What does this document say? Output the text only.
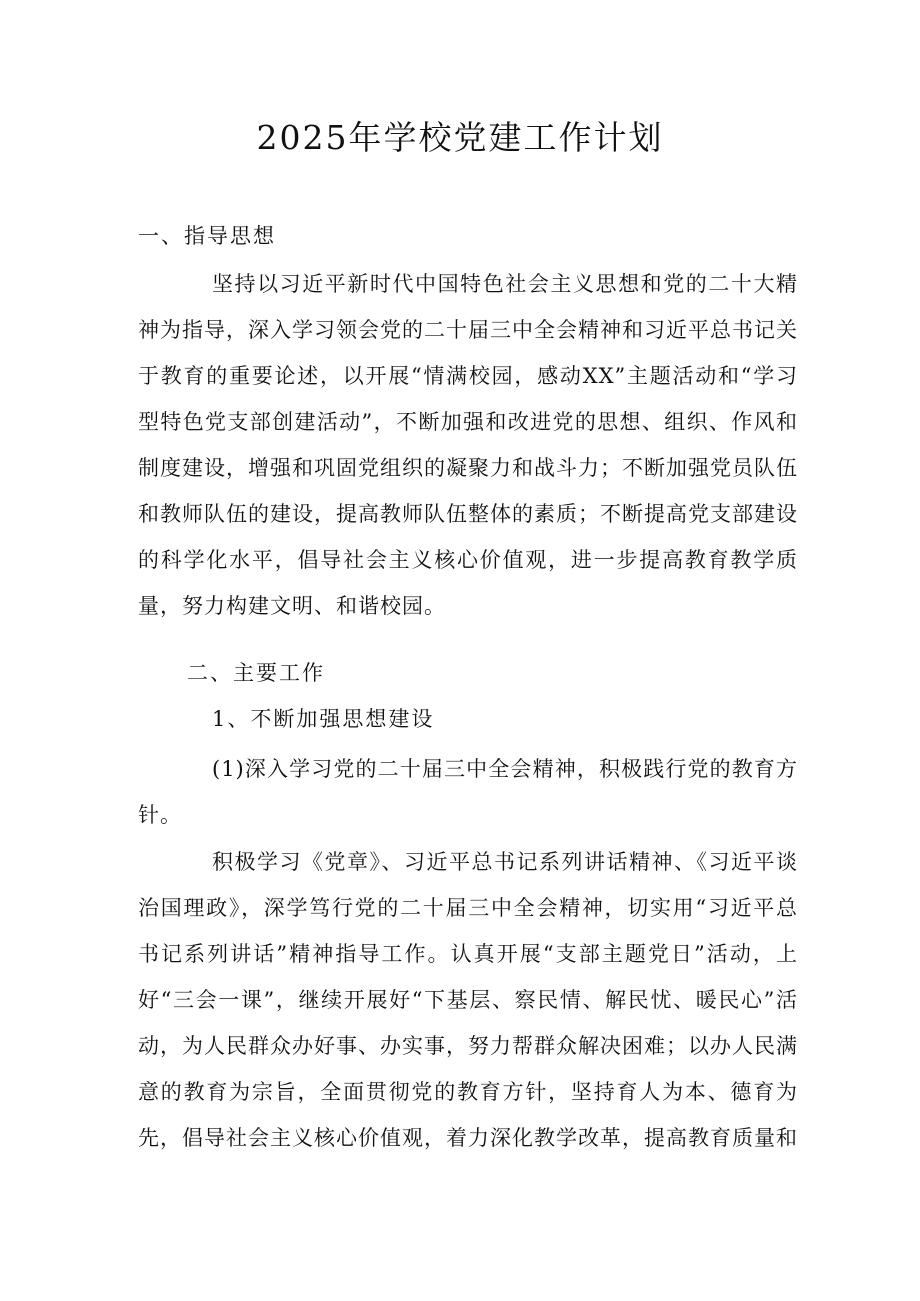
2025年学校党建工作计划
一、指导思想

坚持以习近平新时代中国特色社会主义思想和党的二十大精神为指导，深入学习领会党的二十届三中全会精神和习近平总书记关于教育的重要论述，以开展“情满校园，感动XX”主题活动和“学习型特色党支部创建活动”，不断加强和改进党的思想、组织、作风和制度建设，增强和巩固党组织的凝聚力和战斗力；不断加强党员队伍和教师队伍的建设，提高教师队伍整体的素质；不断提高党支部建设的科学化水平，倡导社会主义核心价值观，进一步提高教育教学质量，努力构建文明、和谐校园。

二、主要工作
1、不断加强思想建设

(1)深入学习党的二十届三中全会精神，积极践行党的教育方针。

积极学习《党章》、习近平总书记系列讲话精神、《习近平谈治国理政》，深学笃行党的二十届三中全会精神，切实用“习近平总书记系列讲话”精神指导工作。认真开展“支部主题党日”活动，上好“三会一课”，继续开展好“下基层、察民情、解民忧、暖民心”活动，为人民群众办好事、办实事，努力帮群众解决困难；以办人民满意的教育为宗旨，全面贯彻党的教育方针，坚持育人为本、德育为先，倡导社会主义核心价值观，着力深化教学改革，提高教育质量和
